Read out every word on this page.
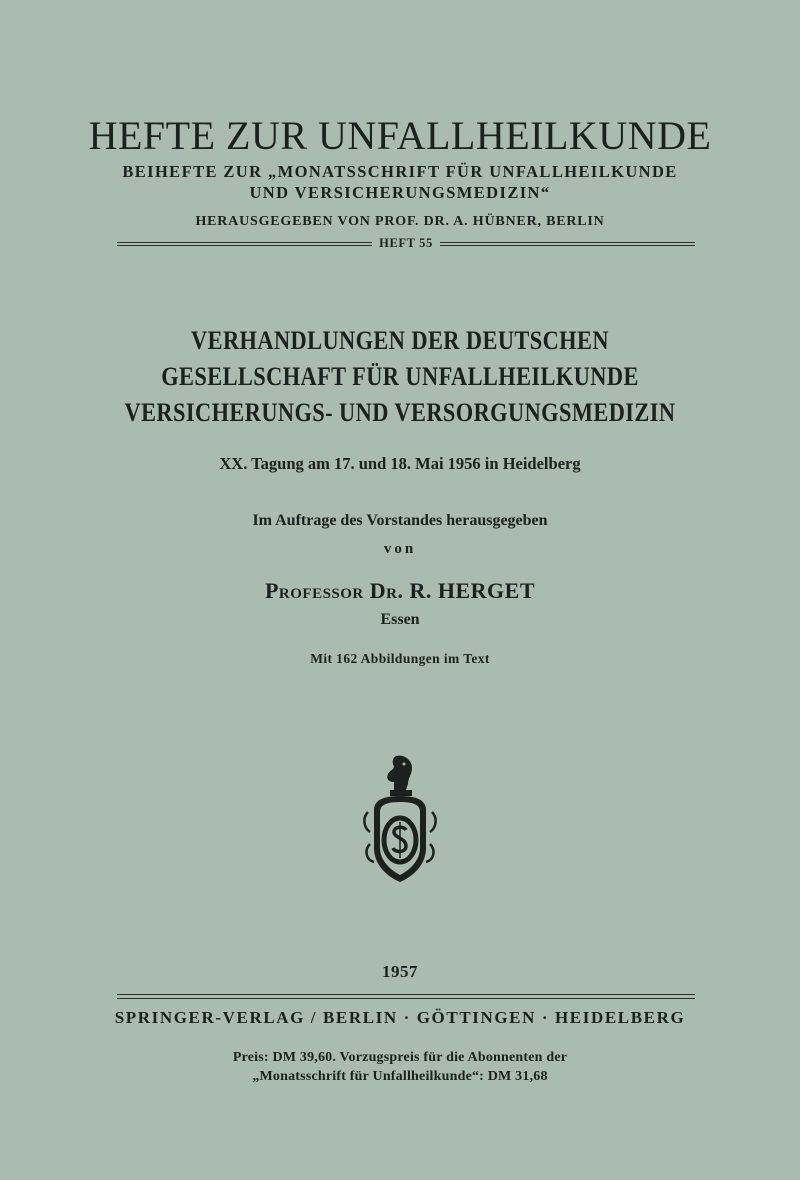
HEFTE ZUR UNFALLHEILKUNDE
BEIHEFTE ZUR „MONATSSCHRIFT FÜR UNFALLHEILKUNDE
UND VERSICHERUNGSMEDIZIN“
HERAUSGEGEBEN VON PROF. DR. A. HÜBNER, BERLIN
HEFT 55
VERHANDLUNGEN DER DEUTSCHEN
GESELLSCHAFT FÜR UNFALLHEILKUNDE
VERSICHERUNGS- UND VERSORGUNGSMEDIZIN
XX. Tagung am 17. und 18. Mai 1956 in Heidelberg
Im Auftrage des Vorstandes herausgegeben
von
Professor Dr. R. HERGET
Essen
Mit 162 Abbildungen im Text
1957
SPRINGER-VERLAG / BERLIN · GÖTTINGEN · HEIDELBERG
Preis: DM 39,60. Vorzugspreis für die Abonnenten der
„Monatsschrift für Unfallheilkunde“: DM 31,68
